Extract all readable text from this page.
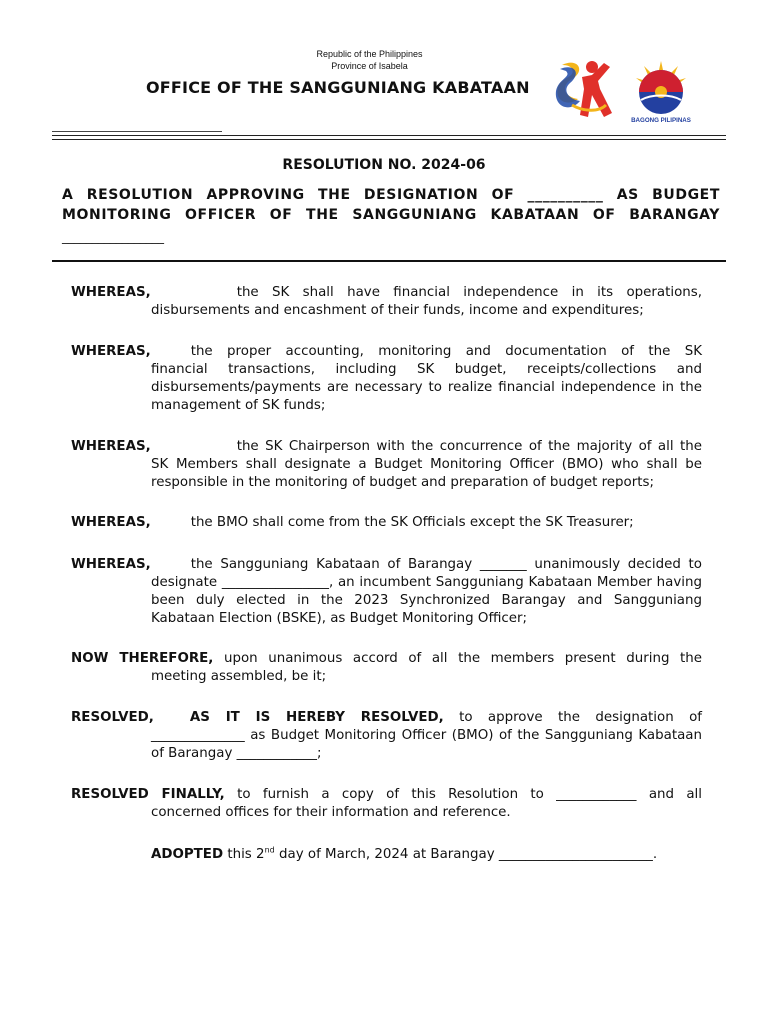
Republic of the Philippines
Province of Isabela
OFFICE OF THE SANGGUNIANG KABATAAN
BAGONG PILIPINAS
RESOLUTION NO. 2024-06
A RESOLUTION APPROVING THE DESIGNATION OF __________ AS BUDGET MONITORING OFFICER OF THE SANGGUNIANG KABATAAN OF BARANGAY
_________________
WHEREAS,	the SK shall have financial independence in its operations,
disbursements and encashment of their funds, income and expenditures;
WHEREAS,	the proper accounting, monitoring and documentation of the SK
financial transactions, including SK budget, receipts/collections and disbursements/payments are necessary to realize financial independence in the management of SK funds;
WHEREAS,	the SK Chairperson with the concurrence of the majority of all the
SK Members shall designate a Budget Monitoring Officer (BMO) who shall be responsible in the monitoring of budget and preparation of budget reports;
WHEREAS,	the BMO shall come from the SK Officials except the SK Treasurer;
WHEREAS,	the Sangguniang Kabataan of Barangay _______ unanimously decided to
designate ________________, an incumbent Sangguniang Kabataan Member having been duly elected in the 2023 Synchronized Barangay and Sangguniang Kabataan Election (BSKE), as Budget Monitoring Officer;
NOW THEREFORE, upon unanimous accord of all the members present during the
meeting assembled, be it;
RESOLVED,	AS IT IS HEREBY RESOLVED, to approve the designation of
______________ as Budget Monitoring Officer (BMO) of the Sangguniang Kabataan of Barangay ____________;
RESOLVED FINALLY, to furnish a copy of this Resolution to ____________ and all
concerned offices for their information and reference.
ADOPTED this 2nd day of March, 2024 at Barangay _______________________.
